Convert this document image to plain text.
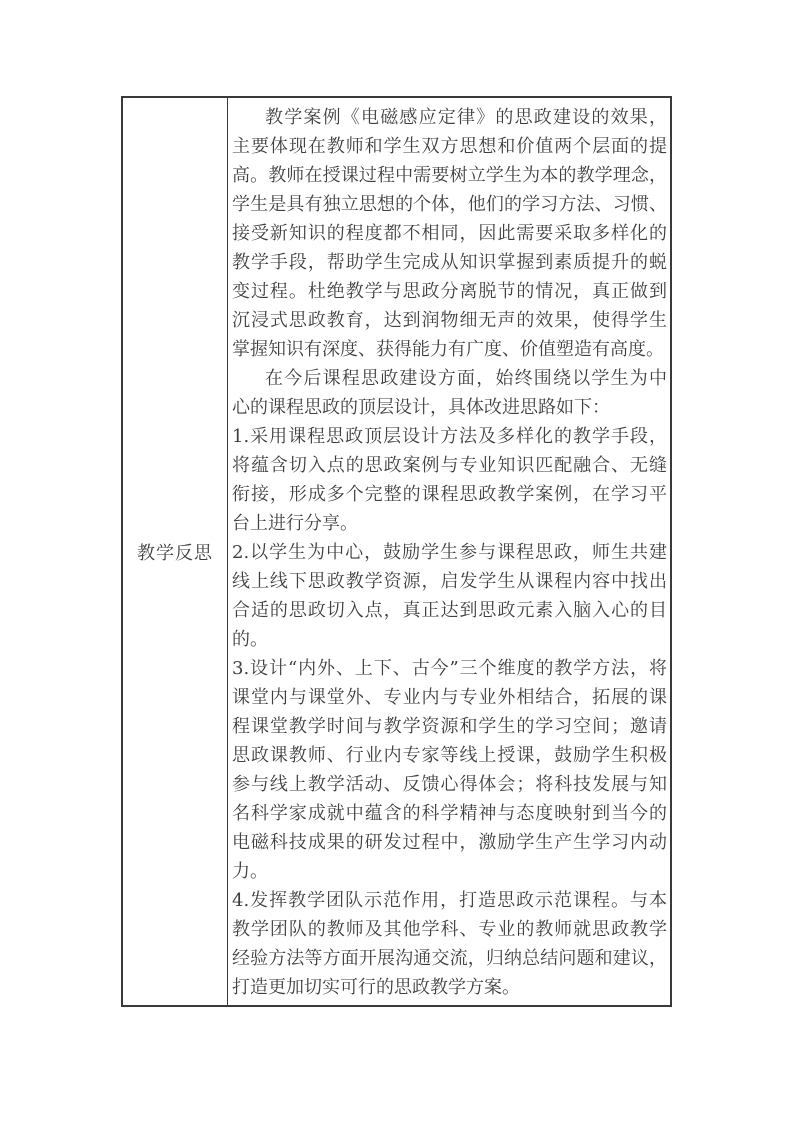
教学反思
教学案例《电磁感应定律》的思政建设的效果，
主要体现在教师和学生双方思想和价值两个层面的提
高。教师在授课过程中需要树立学生为本的教学理念，
学生是具有独立思想的个体，他们的学习方法、习惯、
接受新知识的程度都不相同，因此需要采取多样化的
教学手段，帮助学生完成从知识掌握到素质提升的蜕
变过程。杜绝教学与思政分离脱节的情况，真正做到
沉浸式思政教育，达到润物细无声的效果，使得学生
掌握知识有深度、获得能力有广度、价值塑造有高度。
在今后课程思政建设方面，始终围绕以学生为中
心的课程思政的顶层设计，具体改进思路如下：
1.采用课程思政顶层设计方法及多样化的教学手段，
将蕴含切入点的思政案例与专业知识匹配融合、无缝
衔接，形成多个完整的课程思政教学案例，在学习平
台上进行分享。
2.以学生为中心，鼓励学生参与课程思政，师生共建
线上线下思政教学资源，启发学生从课程内容中找出
合适的思政切入点，真正达到思政元素入脑入心的目
的。
3.设计“内外、上下、古今”三个维度的教学方法，将
课堂内与课堂外、专业内与专业外相结合，拓展的课
程课堂教学时间与教学资源和学生的学习空间；邀请
思政课教师、行业内专家等线上授课，鼓励学生积极
参与线上教学活动、反馈心得体会；将科技发展与知
名科学家成就中蕴含的科学精神与态度映射到当今的
电磁科技成果的研发过程中，激励学生产生学习内动
力。
4.发挥教学团队示范作用，打造思政示范课程。与本
教学团队的教师及其他学科、专业的教师就思政教学
经验方法等方面开展沟通交流，归纳总结问题和建议，
打造更加切实可行的思政教学方案。
